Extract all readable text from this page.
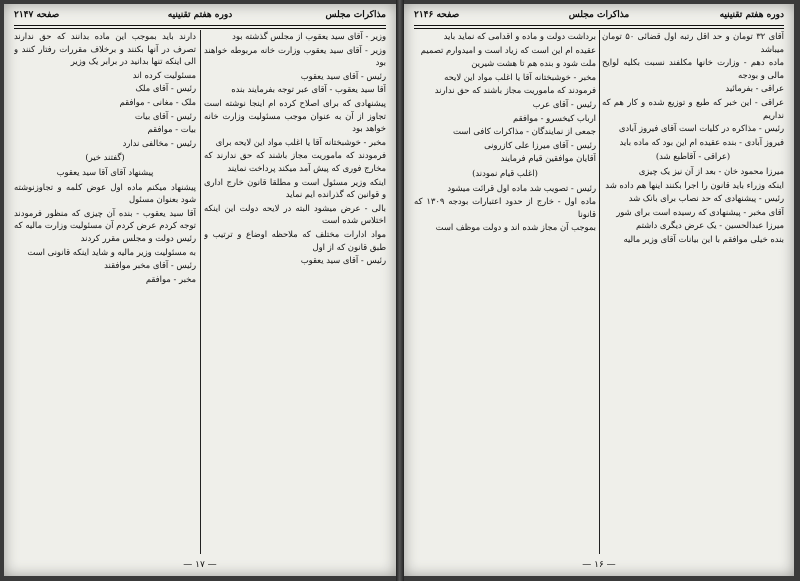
مذاکرات مجلس
دوره هفتم تقنینیه
صفحه ۲۱۴۷

وزیر - آقای سید یعقوب از مجلس گذشته بود

وزیر - آقای سید یعقوب وزارت خانه مربوطه خواهند بود

رئیس - آقای سید یعقوب

آقا سید یعقوب - آقای عبر توجه بفرمایند بنده

پیشنهادی که برای اصلاح کرده ام اینجا نوشته است تجاوز از آن به عنوان موجب مسئولیت وزارت خانه خواهد بود

مخبر - خوشبختانه آقا یا اغلب مواد این لایحه برای

فرمودند که ماموریت مجاز باشند که حق ندارند که مخارج فوری که پیش آمد میکند پرداخت نمایند

اینکه وزیر مسئول است و مطلقا قانون خارج اداری و قوانین که گذرانده ایم نماید

بالی - عرض میشود البته در لایحه دولت این اینکه اختلاس شده است

مواد ادارات مختلف که ملاحظه اوضاع و ترتیب و طبق قانون که از اول

رئیس - آقای سید یعقوب

دارند باید بموجب این ماده بدانند که حق ندارند تصرف در آنها بکنند و برخلاف مقررات رفتار کنند و الی اینکه تنها بدانید در برابر یک وزیر

مسئولیت کرده اند

رئیس - آقای ملک

ملک - مغانی - موافقم

رئیس - آقای بیات

بیات - موافقم

رئیس - مخالفی ندارد

(گفتند خیر)

پیشنهاد آقای آقا سید یعقوب

پیشنهاد میکنم ماده اول عوض کلمه و تجاوزنوشته شود بعنوان مسئول

آقا سید یعقوب - بنده آن چیزی که منظور فرمودند توجه کردم عرض کردم آن مسئولیت وزارت مالیه که رئیس دولت و مجلس مقرر کردند

به مسئولیت وزیر مالیه و شاید اینکه قانونی است

رئیس - آقای مخبر موافقند

مخبر - موافقم

— ۱۷ —
دوره هفتم تقنینیه
مذاکرات مجلس
صفحه ۲۱۴۶

آقای ۳۲ تومان و حد اقل رتبه اول قضائی ۵۰ تومان میباشد

ماده دهم - وزارت خانها مکلفند نسبت بکلیه لوایح مالی و بودجه

عراقی - بفرمائید

عراقی - این خبر که طبع و توزیع شده و کار هم که نداریم

رئیس - مذاکره در کلیات است آقای فیروز آبادی

فیروز آبادی - بنده عقیده ام این بود که ماده باید

(عراقی - آقاطبع شد)

میرزا محمود خان - بعد از آن نیز یک چیزی

اینکه وزراء باید قانون را اجرا بکنند اینها هم داده شد

رئیس - پیشنهادی که حد نصاب برای بانک شد

آقای مخبر - پیشنهادی که رسیده است برای شور

میرزا عبدالحسین - یک عرض دیگری داشتم

بنده خیلی موافقم با این بیانات آقای وزیر مالیه

برداشت دولت و ماده و اقدامی که نماید باید

عقیده ام این است که زیاد است و امیدوارم تصمیم

ملت شود و بنده هم تا هشت شیرین

مخبر - خوشبختانه آقا یا اغلب مواد این لایحه

فرمودند که ماموریت مجاز باشند که حق ندارند

رئیس - آقای عرب

ارباب کیخسرو - موافقم

جمعی از نمایندگان - مذاکرات کافی است

رئیس - آقای میرزا علی کازرونی

آقایان موافقین قیام فرمایند

(اغلب قیام نمودند)

رئیس - تصویب شد ماده اول قرائت میشود

ماده اول - خارج از حدود اعتبارات بودجه ۱۳۰۹ که قانونا

بموجب آن مجاز شده اند و دولت موظف است

— ۱۶ —
